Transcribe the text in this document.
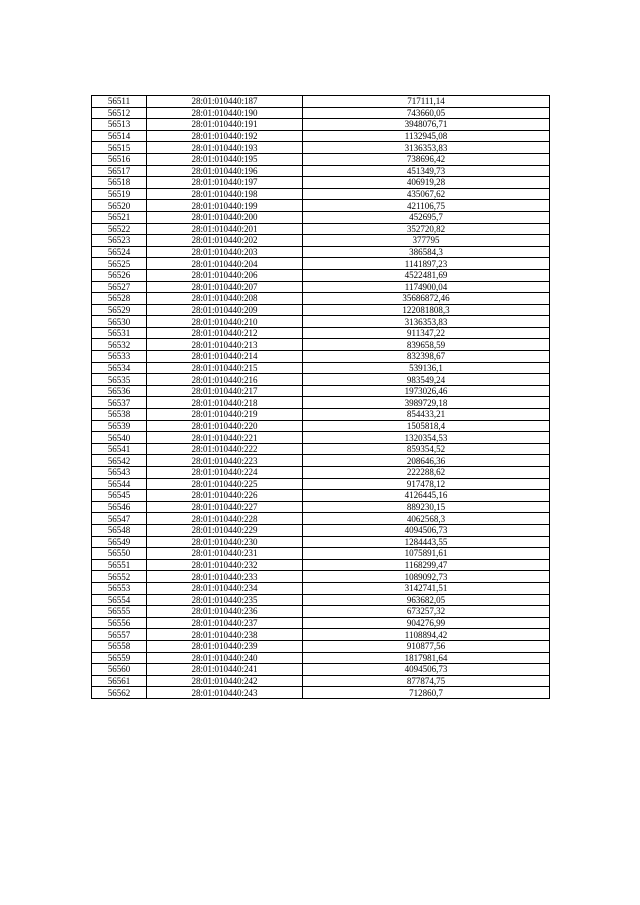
56511	28:01:010440:187	717111,14
56512	28:01:010440:190	743660,05
56513	28:01:010440:191	3948076,71
56514	28:01:010440:192	1132945,08
56515	28:01:010440:193	3136353,83
56516	28:01:010440:195	738696,42
56517	28:01:010440:196	451349,73
56518	28:01:010440:197	406919,28
56519	28:01:010440:198	435067,62
56520	28:01:010440:199	421106,75
56521	28:01:010440:200	452695,7
56522	28:01:010440:201	352720,82
56523	28:01:010440:202	377795
56524	28:01:010440:203	386584,3
56525	28:01:010440:204	1141897,23
56526	28:01:010440:206	4522481,69
56527	28:01:010440:207	1174900,04
56528	28:01:010440:208	35686872,46
56529	28:01:010440:209	122081808,3
56530	28:01:010440:210	3136353,83
56531	28:01:010440:212	911347,22
56532	28:01:010440:213	839658,59
56533	28:01:010440:214	832398,67
56534	28:01:010440:215	539136,1
56535	28:01:010440:216	983549,24
56536	28:01:010440:217	1973026,46
56537	28:01:010440:218	3989729,18
56538	28:01:010440:219	854433,21
56539	28:01:010440:220	1505818,4
56540	28:01:010440:221	1320354,53
56541	28:01:010440:222	859354,52
56542	28:01:010440:223	208646,36
56543	28:01:010440:224	222288,62
56544	28:01:010440:225	917478,12
56545	28:01:010440:226	4126445,16
56546	28:01:010440:227	889230,15
56547	28:01:010440:228	4062568,3
56548	28:01:010440:229	4094506,73
56549	28:01:010440:230	1284443,55
56550	28:01:010440:231	1075891,61
56551	28:01:010440:232	1168299,47
56552	28:01:010440:233	1089092,73
56553	28:01:010440:234	3142741,51
56554	28:01:010440:235	963682,05
56555	28:01:010440:236	673257,32
56556	28:01:010440:237	904276,99
56557	28:01:010440:238	1108894,42
56558	28:01:010440:239	910877,56
56559	28:01:010440:240	1817981,64
56560	28:01:010440:241	4094506,73
56561	28:01:010440:242	877874,75
56562	28:01:010440:243	712860,7
